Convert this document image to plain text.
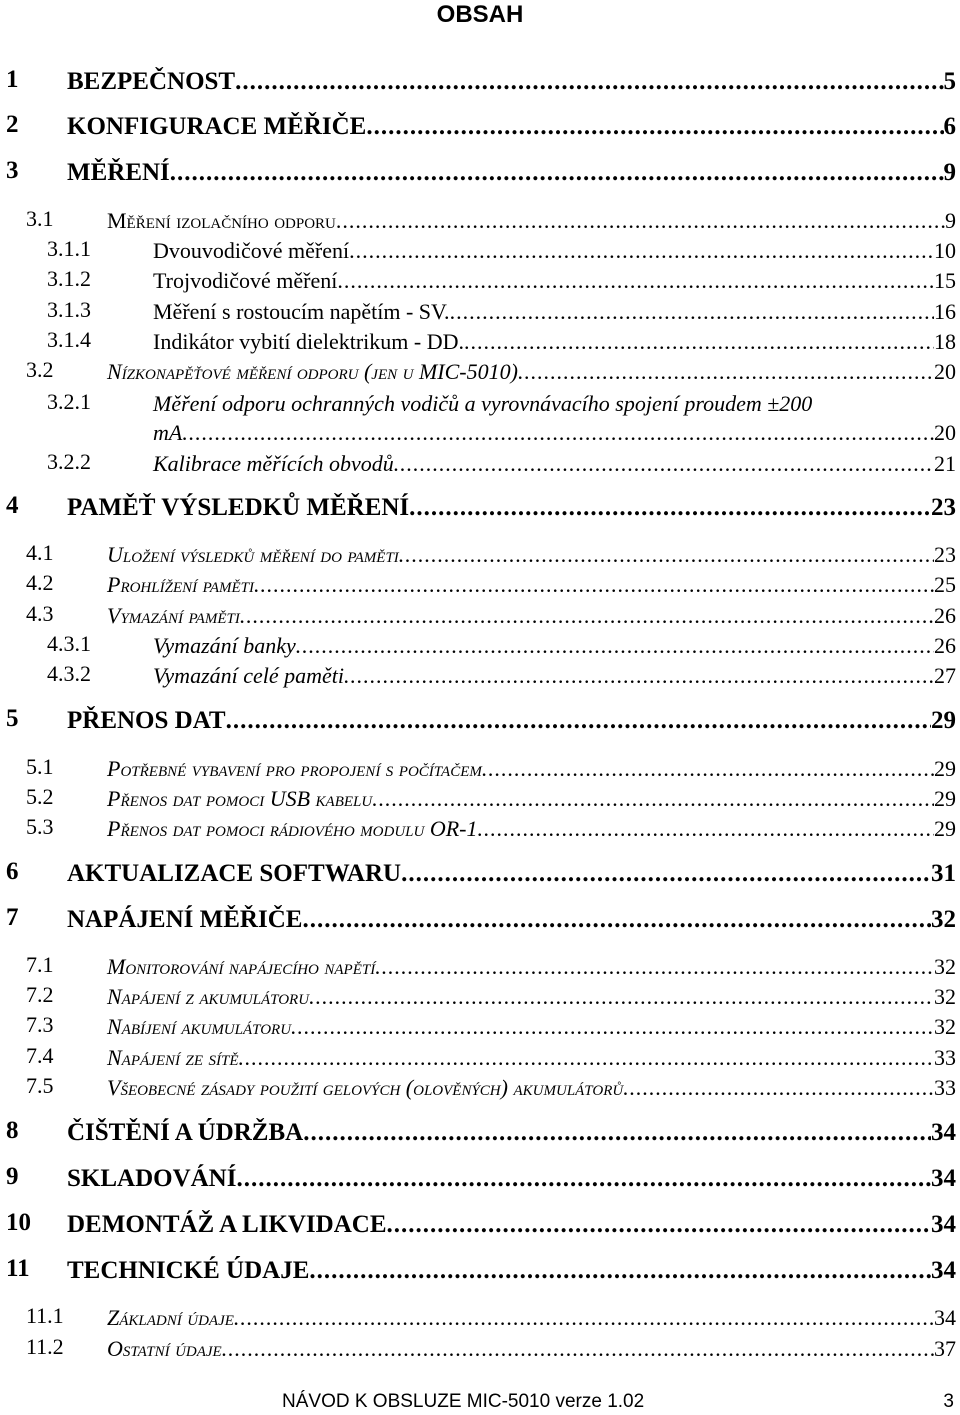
OBSAH
1 BEZPEČNOST .....	5
2 KONFIGURACE MĚŘIČE .....	6
3 MĚŘENÍ .....	9
3.1 Měření izolačního odporu .....	9
3.1.1	Dvouvodičové měření .....	10
3.1.2	Trojvodičové měření .....	15
3.1.3	Měření s rostoucím napětím - SV. .....	16
3.1.4	Indikátor vybití dielektrikum - DD. .....	18
3.2 Nízkonapěťové měření odporu (jen u MIC-5010) .....	20
3.2.1	Měření odporu ochranných vodičů a vyrovnávacího spojení proudem ±200
mA .....	20
3.2.2	Kalibrace měřících obvodů .....	21
4 PAMĚŤ VÝSLEDKŮ MĚŘENÍ .....	23
4.1 Uložení výsledků měření do paměti .....	23
4.2 Prohlížení paměti .....	25
4.3 Vymazání paměti .....	26
4.3.1	Vymazání banky .....	26
4.3.2	Vymazání celé paměti .....	27
5 PŘENOS DAT .....	29
5.1 Potřebné vybavení pro propojení s počítačem .....	29
5.2 Přenos dat pomoci USB kabelu .....	29
5.3 Přenos dat pomoci rádiového modulu OR-1 .....	29
6 AKTUALIZACE SOFTWARU .....	31
7 NAPÁJENÍ MĚŘIČE .....	32
7.1 Monitorování napájecího napětí .....	32
7.2 Napájení z akumulátoru .....	32
7.3 Nabíjení akumulátoru .....	32
7.4 Napájení ze sítě .....	33
7.5 Všeobecné zásady použití gelových (olověných) akumulátorů .....	33
8 ČIŠTĚNÍ A ÚDRŽBA .....	34
9 SKLADOVÁNÍ .....	34
10 DEMONTÁŽ A LIKVIDACE .....	34
11 TECHNICKÉ ÚDAJE .....	34
11.1 Základní údaje .....	34
11.2 Ostatní údaje .....	37
NÁVOD K OBSLUZE MIC-5010 verze 1.02	3
